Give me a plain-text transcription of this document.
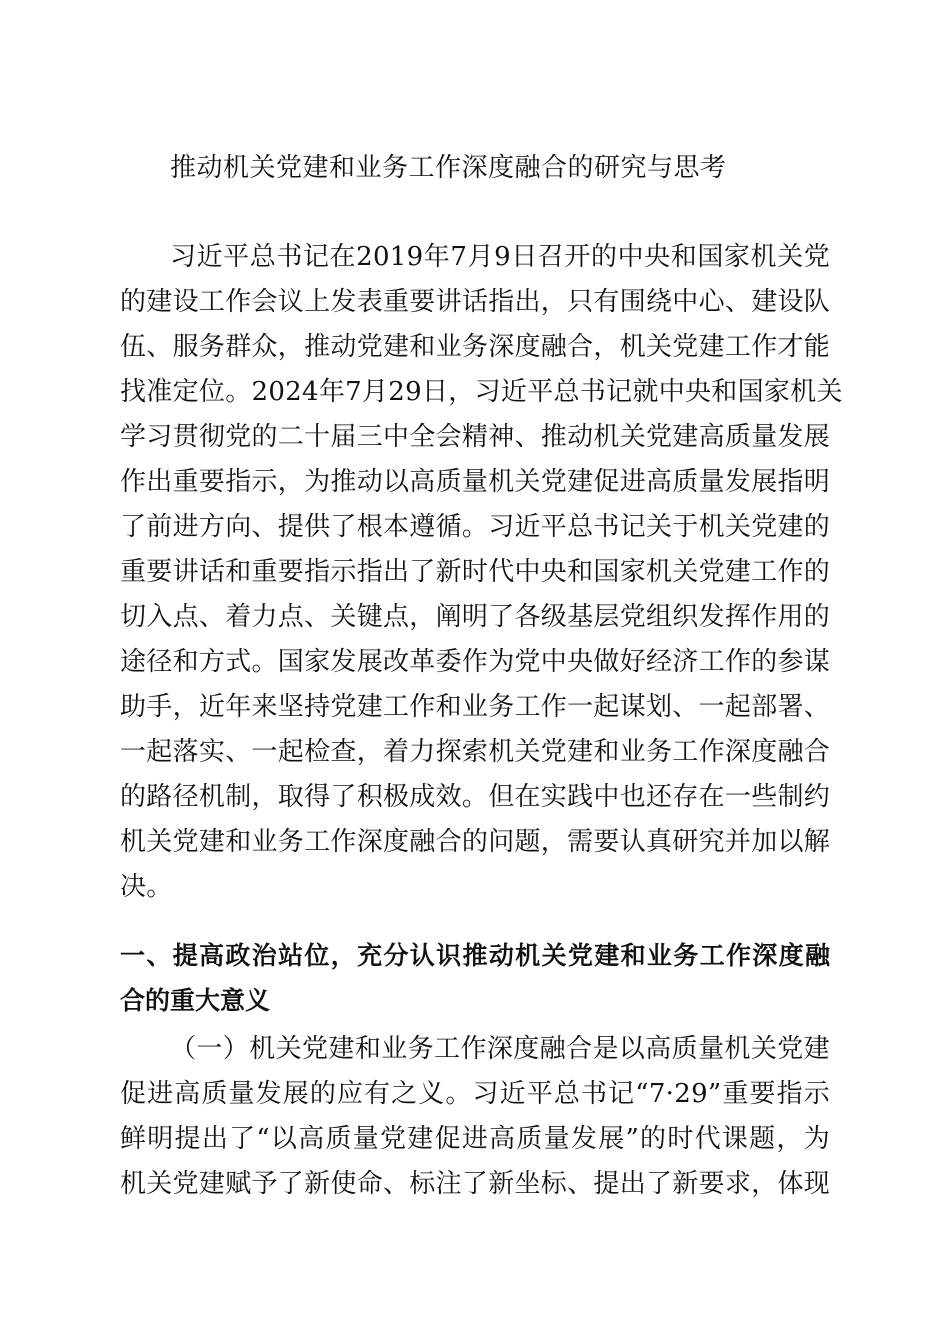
推动机关党建和业务工作深度融合的研究与思考
习近平总书记在2019年7月9日召开的中央和国家机关党
的建设工作会议上发表重要讲话指出，只有围绕中心、建设队
伍、服务群众，推动党建和业务深度融合，机关党建工作才能
找准定位。2024年7月29日，习近平总书记就中央和国家机关
学习贯彻党的二十届三中全会精神、推动机关党建高质量发展
作出重要指示，为推动以高质量机关党建促进高质量发展指明
了前进方向、提供了根本遵循。习近平总书记关于机关党建的
重要讲话和重要指示指出了新时代中央和国家机关党建工作的
切入点、着力点、关键点，阐明了各级基层党组织发挥作用的
途径和方式。国家发展改革委作为党中央做好经济工作的参谋
助手，近年来坚持党建工作和业务工作一起谋划、一起部署、
一起落实、一起检查，着力探索机关党建和业务工作深度融合
的路径机制，取得了积极成效。但在实践中也还存在一些制约
机关党建和业务工作深度融合的问题，需要认真研究并加以解
决。
一、提高政治站位，充分认识推动机关党建和业务工作深度融
合的重大意义
（一）机关党建和业务工作深度融合是以高质量机关党建
促进高质量发展的应有之义。习近平总书记“7·29”重要指示
鲜明提出了“以高质量党建促进高质量发展”的时代课题，为
机关党建赋予了新使命、标注了新坐标、提出了新要求，体现
